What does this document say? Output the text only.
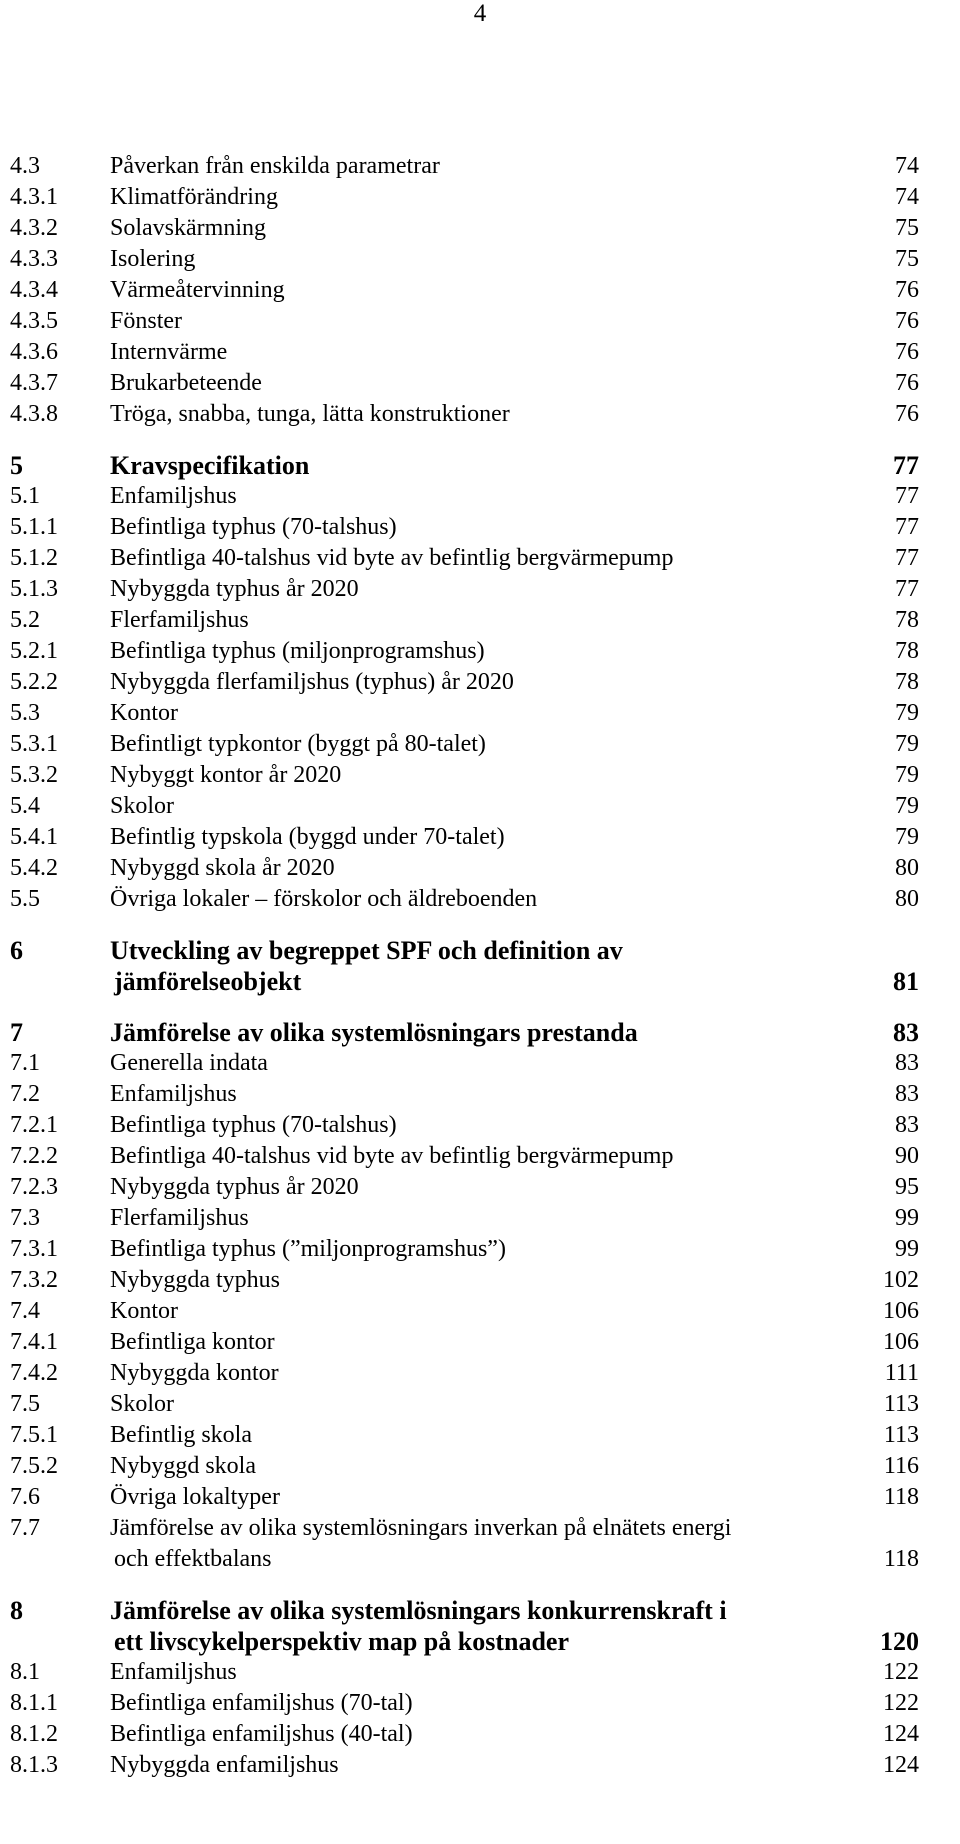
4
4.3	Påverkan från enskilda parametrar	74
4.3.1 Klimatförändring	74
4.3.2 Solavskärmning	75
4.3.3 Isolering	75
4.3.4 Värmeåtervinning	76
4.3.5 Fönster	76
4.3.6 Internvärme	76
4.3.7 Brukarbeteende	76
4.3.8 Tröga, snabba, tunga, lätta konstruktioner	76
5	Kravspecifikation	77
5.1	Enfamiljshus	77
5.1.1 Befintliga typhus (70-talshus)	77
5.1.2 Befintliga 40-talshus vid byte av befintlig bergvärmepump	77
5.1.3 Nybyggda typhus år 2020	77
5.2	Flerfamiljshus	78
5.2.1 Befintliga typhus (miljonprogramshus)	78
5.2.2 Nybyggda flerfamiljshus (typhus) år 2020	78
5.3	Kontor	79
5.3.1 Befintligt typkontor (byggt på 80-talet)	79
5.3.2 Nybyggt kontor år 2020	79
5.4	Skolor	79
5.4.1 Befintlig typskola (byggd under 70-talet)	79
5.4.2 Nybyggd skola år 2020	80
5.5	Övriga lokaler – förskolor och äldreboenden	80
6	Utveckling av begreppet SPF och definition av
jämförelseobjekt	81
7	Jämförelse av olika systemlösningars prestanda	83
7.1	Generella indata	83
7.2	Enfamiljshus	83
7.2.1 Befintliga typhus (70-talshus)	83
7.2.2 Befintliga 40-talshus vid byte av befintlig bergvärmepump	90
7.2.3 Nybyggda typhus år 2020	95
7.3	Flerfamiljshus	99
7.3.1 Befintliga typhus (”miljonprogramshus”)	99
7.3.2 Nybyggda typhus	102
7.4	Kontor	106
7.4.1 Befintliga kontor	106
7.4.2 Nybyggda kontor	111
7.5	Skolor	113
7.5.1 Befintlig skola	113
7.5.2 Nybyggd skola	116
7.6	Övriga lokaltyper	118
7.7	Jämförelse av olika systemlösningars inverkan på elnätets energi
och effektbalans	118
8	Jämförelse av olika systemlösningars konkurrenskraft i
ett livscykelperspektiv map på kostnader	120
8.1	Enfamiljshus	122
8.1.1 Befintliga enfamiljshus (70-tal)	122
8.1.2 Befintliga enfamiljshus (40-tal)	124
8.1.3 Nybyggda enfamiljshus	124
